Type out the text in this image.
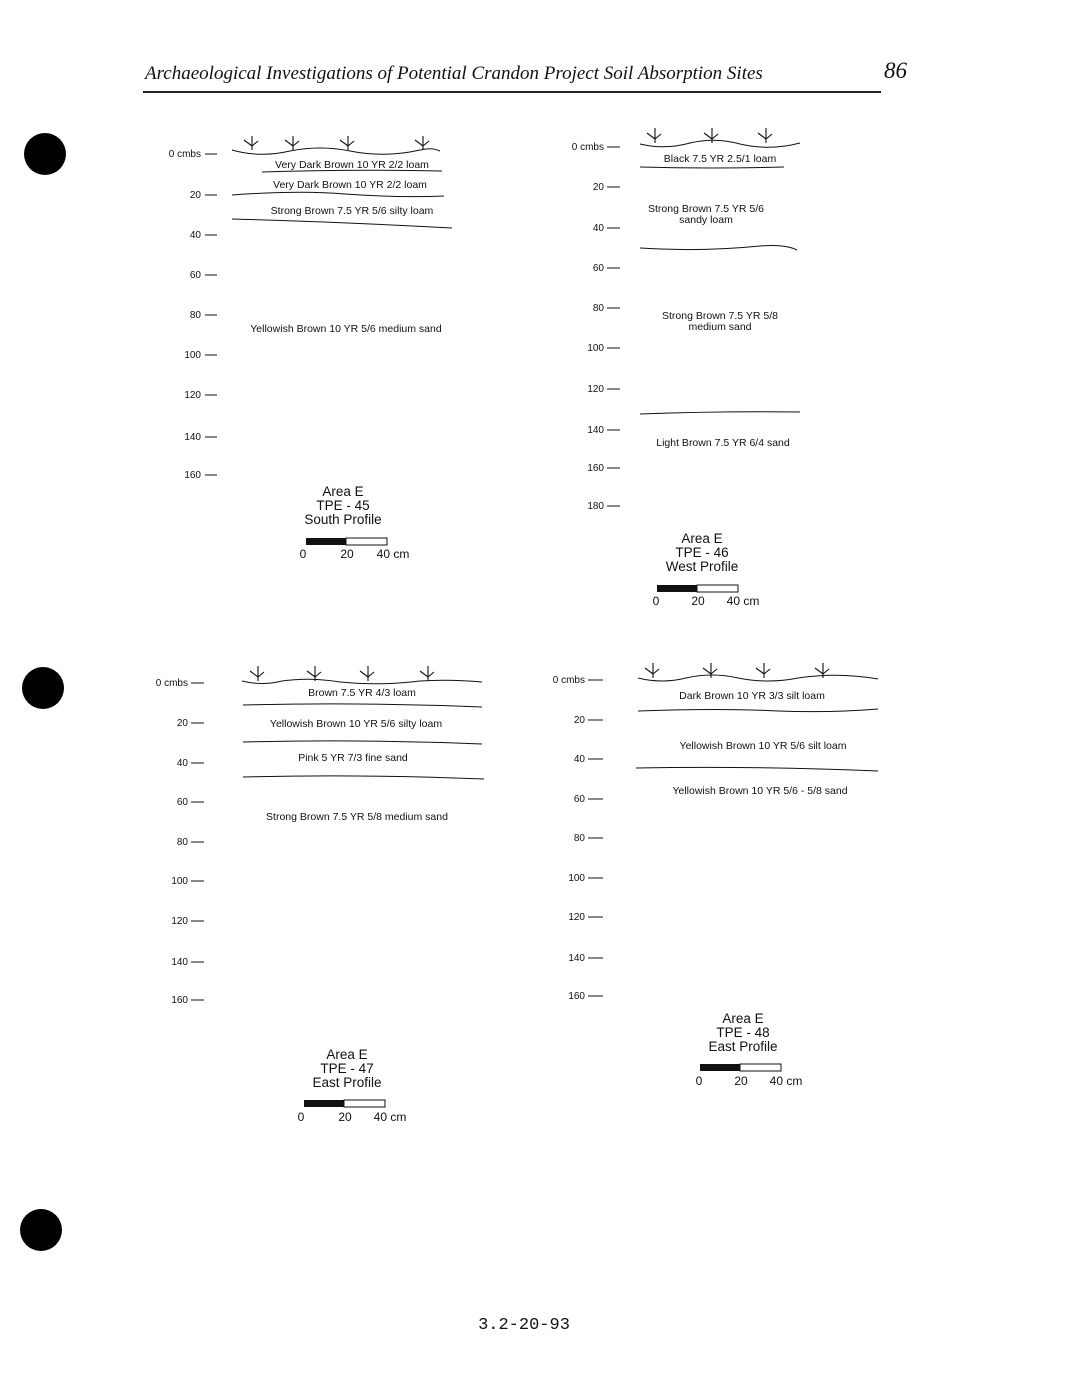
Archaeological Investigations of Potential Crandon Project Soil Absorption Sites	86
0 cmbs
20
40
60
80
100
120
140
160
Very Dark Brown 10 YR 2/2 loam
Very Dark Brown 10 YR 2/2 loam
Strong Brown 7.5 YR 5/6 silty loam
Yellowish Brown 10 YR 5/6 medium sand
Area E
TPE - 45
South Profile
0	20 40 cm
0 cmbs
20
40
60
80
100
120
140
160
180
Black 7.5 YR 2.5/1 loam
Strong Brown 7.5 YR 5/6
sandy loam
Strong Brown 7.5 YR 5/8
medium sand
Light Brown 7.5 YR 6/4 sand
Area E
TPE - 46
West Profile
0	20 40 cm
0 cmbs
20
40
60
80
100
120
140
160
Brown 7.5 YR 4/3 loam
Yellowish Brown 10 YR 5/6 silty loam
Pink 5 YR 7/3 fine sand
Strong Brown 7.5 YR 5/8 medium sand
Area E
TPE - 47
East Profile
0	20 40 cm
0 cmbs
20
40
60
80
100
120
140
160
Dark Brown 10 YR 3/3 silt loam
Yellowish Brown 10 YR 5/6 silt loam
Yellowish Brown 10 YR 5/6 - 5/8 sand
Area E
TPE - 48
East Profile
0	20 40 cm
3.2-20-93
